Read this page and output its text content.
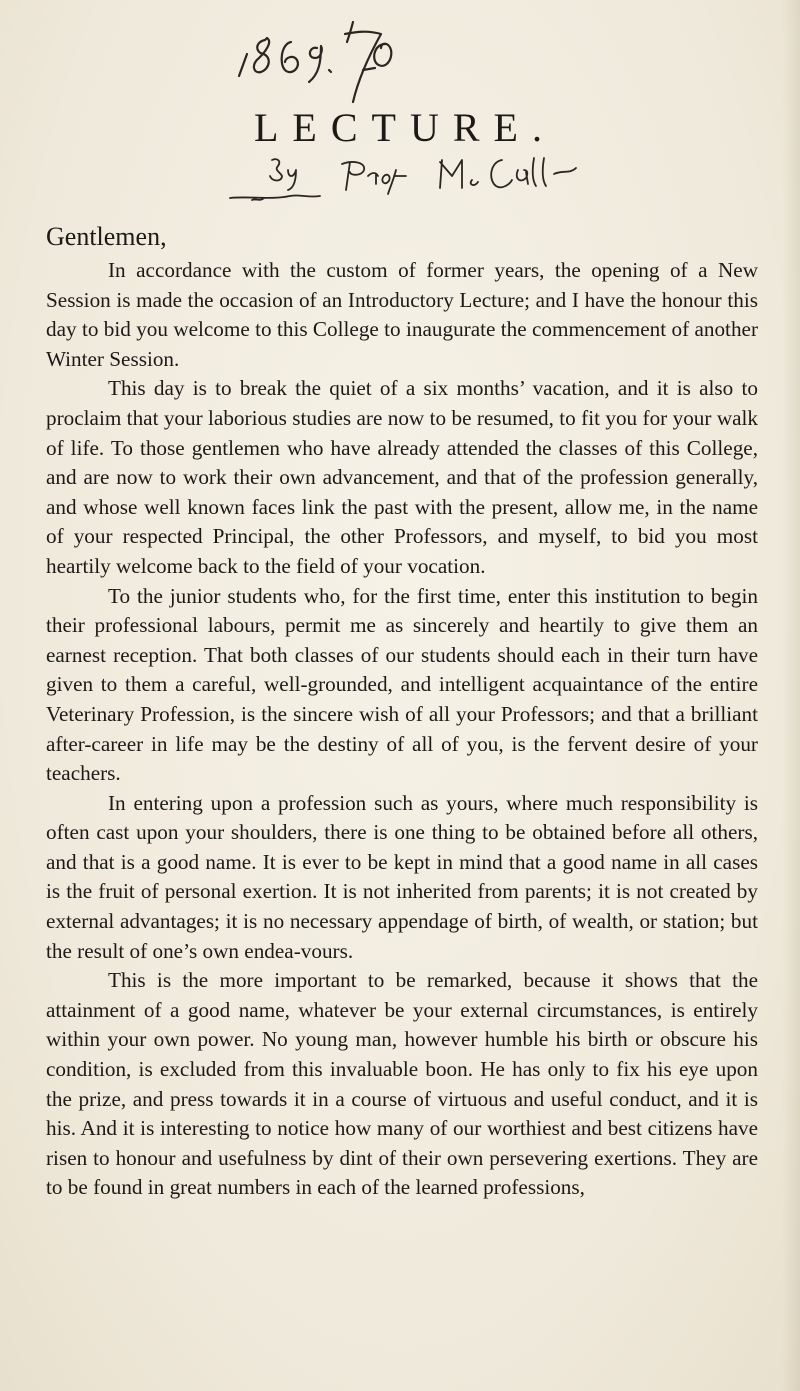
LECTURE.

Gentlemen,

In accordance with the custom of former years, the opening of a New Session is made the occasion of an Introductory Lecture; and I have the honour this day to bid you welcome to this College to inaugurate the commencement of another Winter Session.

This day is to break the quiet of a six months’ vacation, and it is also to proclaim that your laborious studies are now to be resumed, to fit you for your walk of life. To those gentlemen who have already attended the classes of this College, and are now to work their own advancement, and that of the profession generally, and whose well known faces link the past with the present, allow me, in the name of your respected Principal, the other Professors, and myself, to bid you most heartily welcome back to the field of your vocation.

To the junior students who, for the first time, enter this institution to begin their professional labours, permit me as sincerely and heartily to give them an earnest reception. That both classes of our students should each in their turn have given to them a careful, well-grounded, and intelligent acquaintance of the entire Veterinary Profession, is the sincere wish of all your Professors; and that a brilliant after-career in life may be the destiny of all of you, is the fervent desire of your teachers.

In entering upon a profession such as yours, where much responsibility is often cast upon your shoulders, there is one thing to be obtained before all others, and that is a good name. It is ever to be kept in mind that a good name in all cases is the fruit of personal exertion. It is not inherited from parents; it is not created by external advantages; it is no necessary appendage of birth, of wealth, or station; but the result of one’s own endea-vours.

This is the more important to be remarked, because it shows that the attainment of a good name, whatever be your external circumstances, is entirely within your own power. No young man, however humble his birth or obscure his condition, is excluded from this invaluable boon. He has only to fix his eye upon the prize, and press towards it in a course of virtuous and useful conduct, and it is his. And it is interesting to notice how many of our worthiest and best citizens have risen to honour and usefulness by dint of their own persevering exertions. They are to be found in great numbers in each of the learned professions,
